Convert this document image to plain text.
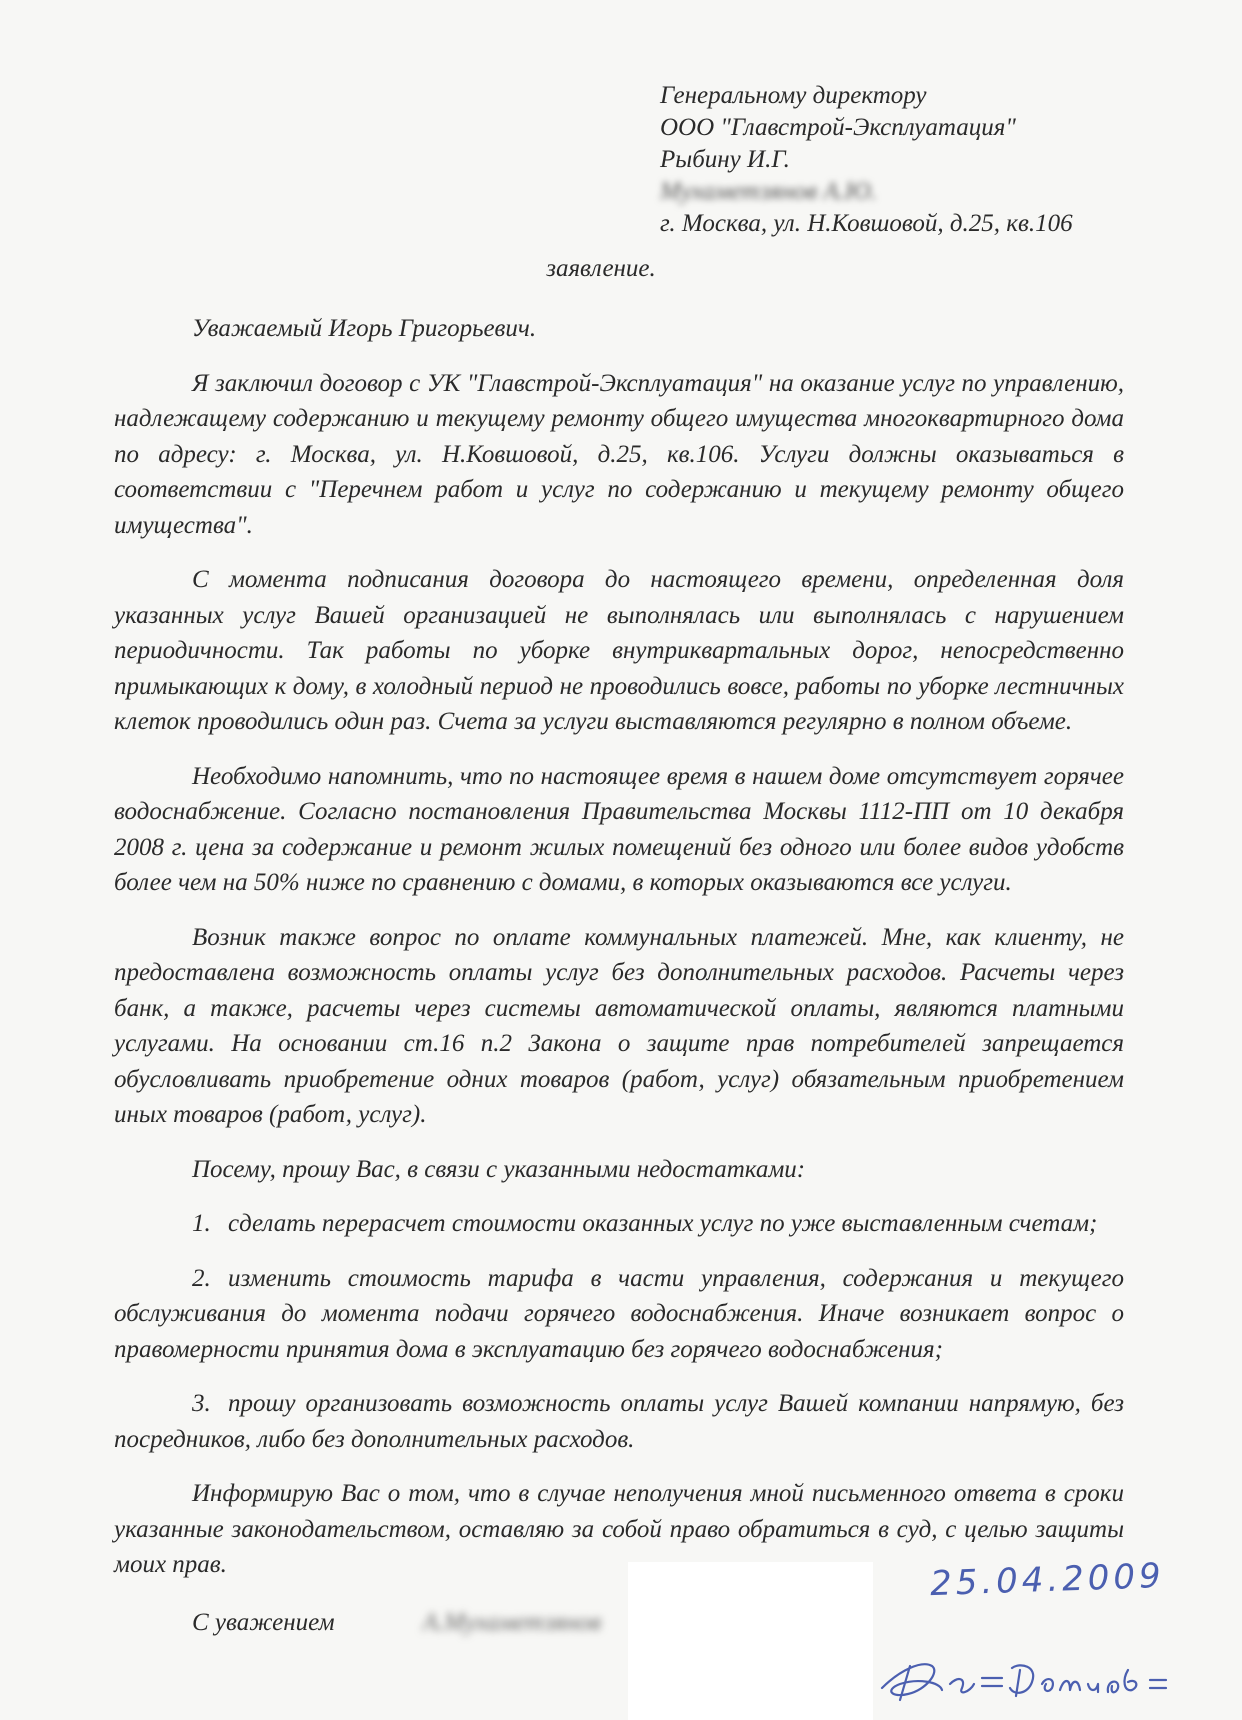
Генеральному директору
ООО "Главстрой-Эксплуатация"
Рыбину И.Г.
Мухаметзянов А.Ю.
г. Москва, ул. Н.Ковшовой, д.25, кв.106
заявление.

Уважаемый Игорь Григорьевич.

Я заключил договор с УК "Главстрой-Эксплуатация" на оказание услуг по управлению, надлежащему содержанию и текущему ремонту общего имущества многоквартирного дома по адресу: г. Москва, ул. Н.Ковшовой, д.25, кв.106. Услуги должны оказываться в соответствии с "Перечнем работ и услуг по содержанию и текущему ремонту общего имущества".

С момента подписания договора до настоящего времени, определенная доля указанных услуг Вашей организацией не выполнялась или выполнялась с нарушением периодичности. Так работы по уборке внутриквартальных дорог, непосредственно примыкающих к дому, в холодный период не проводились вовсе, работы по уборке лестничных клеток проводились один раз. Счета за услуги выставляются регулярно в полном объеме.

Необходимо напомнить, что по настоящее время в нашем доме отсутствует горячее водоснабжение. Согласно постановления Правительства Москвы 1112-ПП от 10 декабря 2008 г. цена за содержание и ремонт жилых помещений без одного или более видов удобств более чем на 50% ниже по сравнению с домами, в которых оказываются все услуги.

Возник также вопрос по оплате коммунальных платежей. Мне, как клиенту, не предоставлена возможность оплаты услуг без дополнительных расходов. Расчеты через банк, а также, расчеты через системы автоматической оплаты, являются платными услугами. На основании ст.16 п.2 Закона о защите прав потребителей запрещается обусловливать приобретение одних товаров (работ, услуг) обязательным приобретением иных товаров (работ, услуг).

Посему, прошу Вас, в связи с указанными недостатками:

1. сделать перерасчет стоимости оказанных услуг по уже выставленным счетам;

2. изменить стоимость тарифа в части управления, содержания и текущего обслуживания до момента подачи горячего водоснабжения. Иначе возникает вопрос о правомерности принятия дома в эксплуатацию без горячего водоснабжения;

3. прошу организовать возможность оплаты услуг Вашей компании напрямую, без посредников, либо без дополнительных расходов.

Информирую Вас о том, что в случае неполучения мной письменного ответа в сроки указанные законодательством, оставляю за собой право обратиться в суд, с целью защиты моих прав.

С уважением	А.Мухаметзянов

25.04.2009
